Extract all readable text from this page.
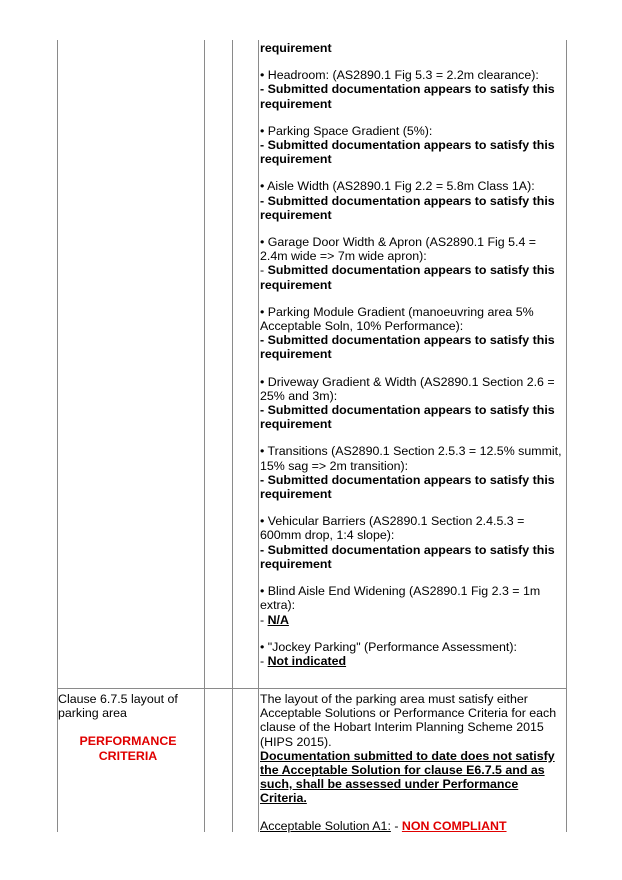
requirement

• Headroom: (AS2890.1 Fig 5.3 = 2.2m clearance):

- Submitted documentation appears to satisfy this requirement

• Parking Space Gradient (5%):

- Submitted documentation appears to satisfy this requirement

• Aisle Width (AS2890.1 Fig 2.2 = 5.8m Class 1A):

- Submitted documentation appears to satisfy this requirement

• Garage Door Width & Apron (AS2890.1 Fig 5.4 = 2.4m wide => 7m wide apron):

- Submitted documentation appears to satisfy this requirement

• Parking Module Gradient (manoeuvring area 5% Acceptable Soln, 10% Performance):

- Submitted documentation appears to satisfy this requirement

• Driveway Gradient & Width (AS2890.1 Section 2.6 = 25% and 3m):

- Submitted documentation appears to satisfy this requirement

• Transitions (AS2890.1 Section 2.5.3 = 12.5% summit, 15% sag => 2m transition):

- Submitted documentation appears to satisfy this requirement

• Vehicular Barriers (AS2890.1 Section 2.4.5.3 = 600mm drop, 1:4 slope):

- Submitted documentation appears to satisfy this requirement

• Blind Aisle End Widening (AS2890.1 Fig 2.3 = 1m extra):

- N/A

• "Jockey Parking" (Performance Assessment):

- Not indicated

Clause 6.7.5 layout of parking area

PERFORMANCE CRITERIA

The layout of the parking area must satisfy either Acceptable Solutions or Performance Criteria for each clause of the Hobart Interim Planning Scheme 2015 (HIPS 2015).

Documentation submitted to date does not satisfy the Acceptable Solution for clause E6.7.5 and as such, shall be assessed under Performance Criteria.

Acceptable Solution A1: - NON COMPLIANT
